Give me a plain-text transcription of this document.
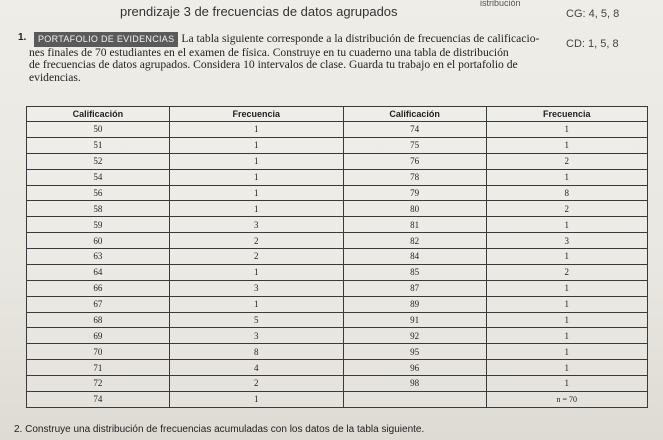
prendizaje 3 de frecuencias de datos agrupados
istribución
CG: 4, 5, 8
CD: 1, 5, 8
1.	PORTAFOLIO DE EVIDENCIAS La tabla siguiente corresponde a la distribución de frecuencias de calificacio-
nes finales de 70 estudiantes en el examen de física. Construye en tu cuaderno una tabla de distribución
de frecuencias de datos agrupados. Considera 10 intervalos de clase. Guarda tu trabajo en el portafolio de
evidencias.
Calificación	Frecuencia	Calificación	Frecuencia
50	1	74	1
51	1	75	1
52	1	76	2
54	1	78	1
56	1	79	8
58	1	80	2
59	3	81	1
60	2	82	3
63	2	84	1
64	1	85	2
66	3	87	1
67	1	89	1
68	5	91	1
69	3	92	1
70	8	95	1
71	4	96	1
72	2	98	1
74	1		n = 70
2. Construye una distribución de frecuencias acumuladas con los datos de la tabla siguiente.
